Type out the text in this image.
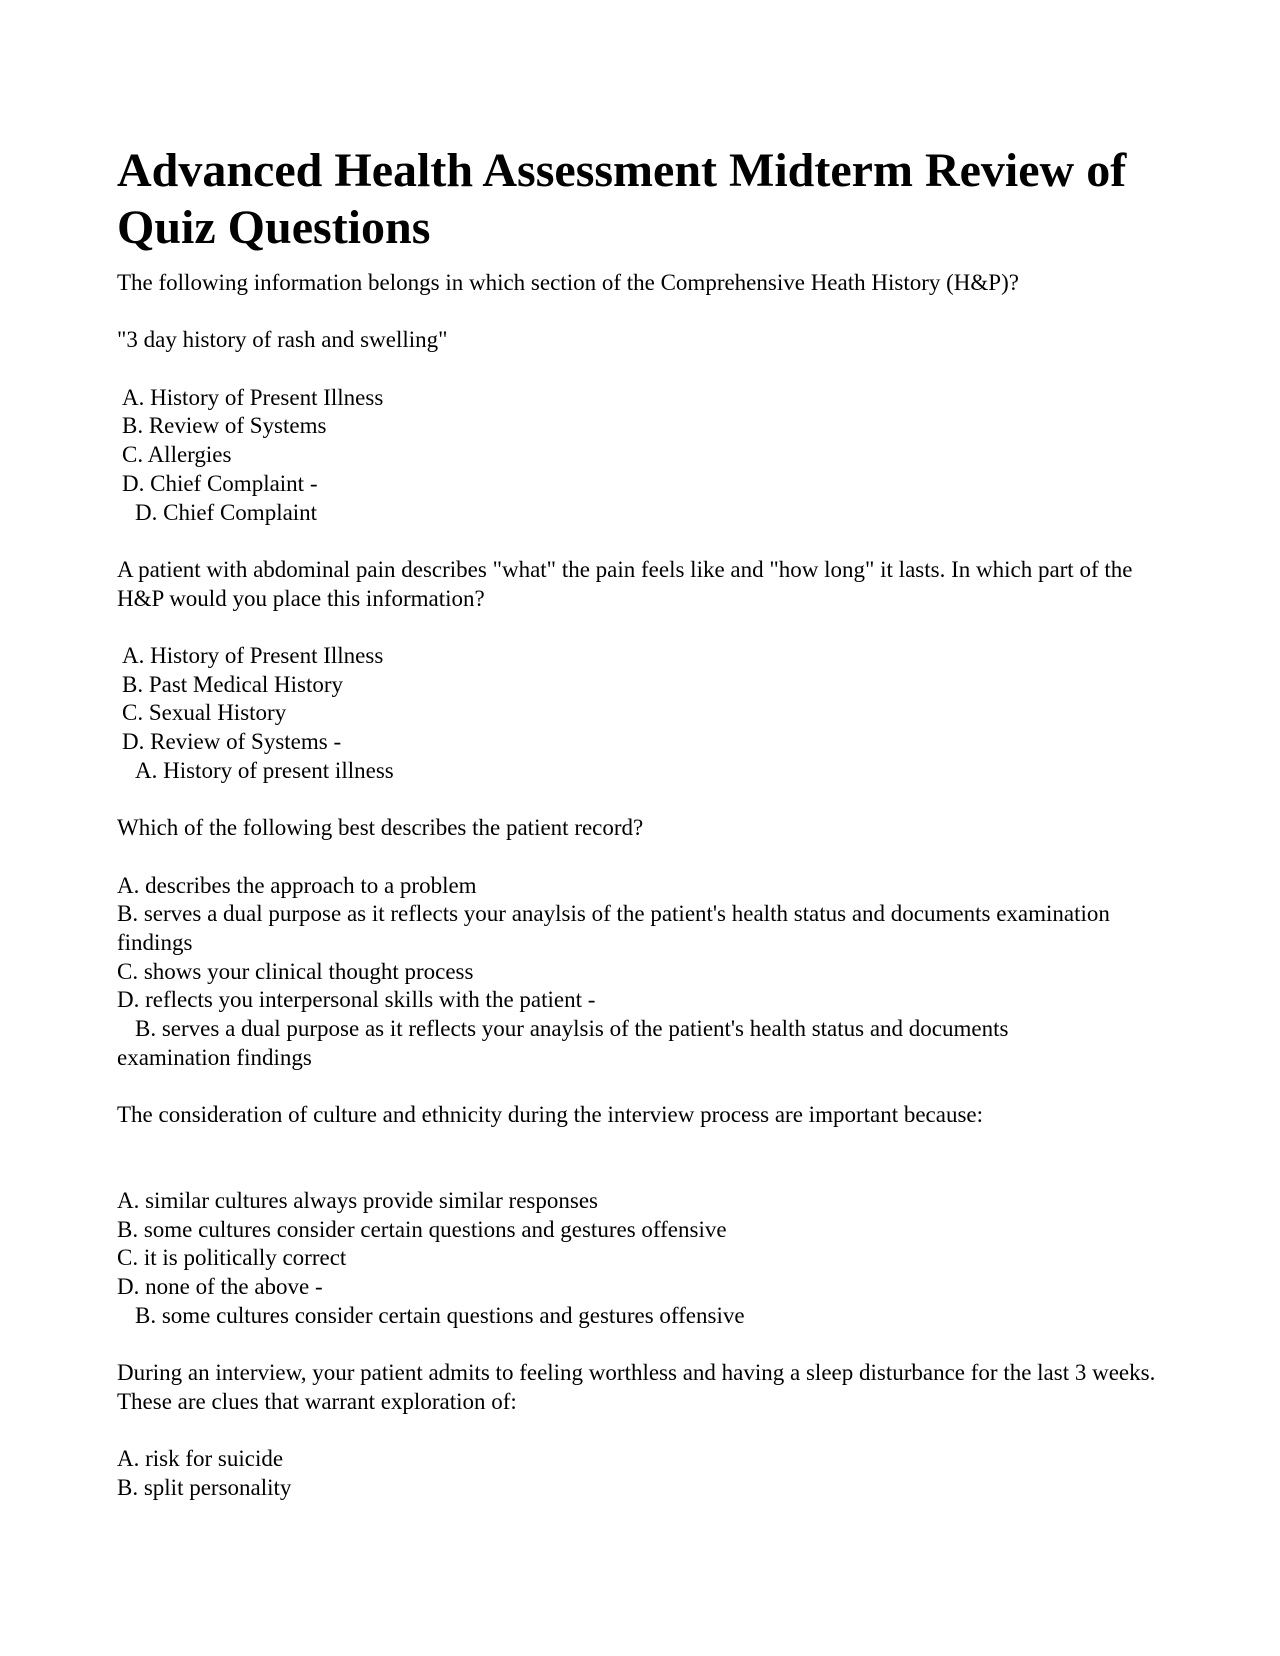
Advanced Health Assessment Midterm Review of Quiz Questions

The following information belongs in which section of the Comprehensive Heath History (H&P)?

"3 day history of rash and swelling"

A. History of Present Illness

B. Review of Systems

C. Allergies

D. Chief Complaint -

D. Chief Complaint

A patient with abdominal pain describes "what" the pain feels like and "how long" it lasts. In which part of the H&P would you place this information?

A. History of Present Illness

B. Past Medical History

C. Sexual History

D. Review of Systems -

A. History of present illness

Which of the following best describes the patient record?

A. describes the approach to a problem

B. serves a dual purpose as it reflects your anaylsis of the patient's health status and documents examination findings

C. shows your clinical thought process

D. reflects you interpersonal skills with the patient -

B. serves a dual purpose as it reflects your anaylsis of the patient's health status and documents
examination findings

The consideration of culture and ethnicity during the interview process are important because:

A. similar cultures always provide similar responses

B. some cultures consider certain questions and gestures offensive

C. it is politically correct

D. none of the above -

B. some cultures consider certain questions and gestures offensive

During an interview, your patient admits to feeling worthless and having a sleep disturbance for the last 3 weeks. These are clues that warrant exploration of:

A. risk for suicide

B. split personality
